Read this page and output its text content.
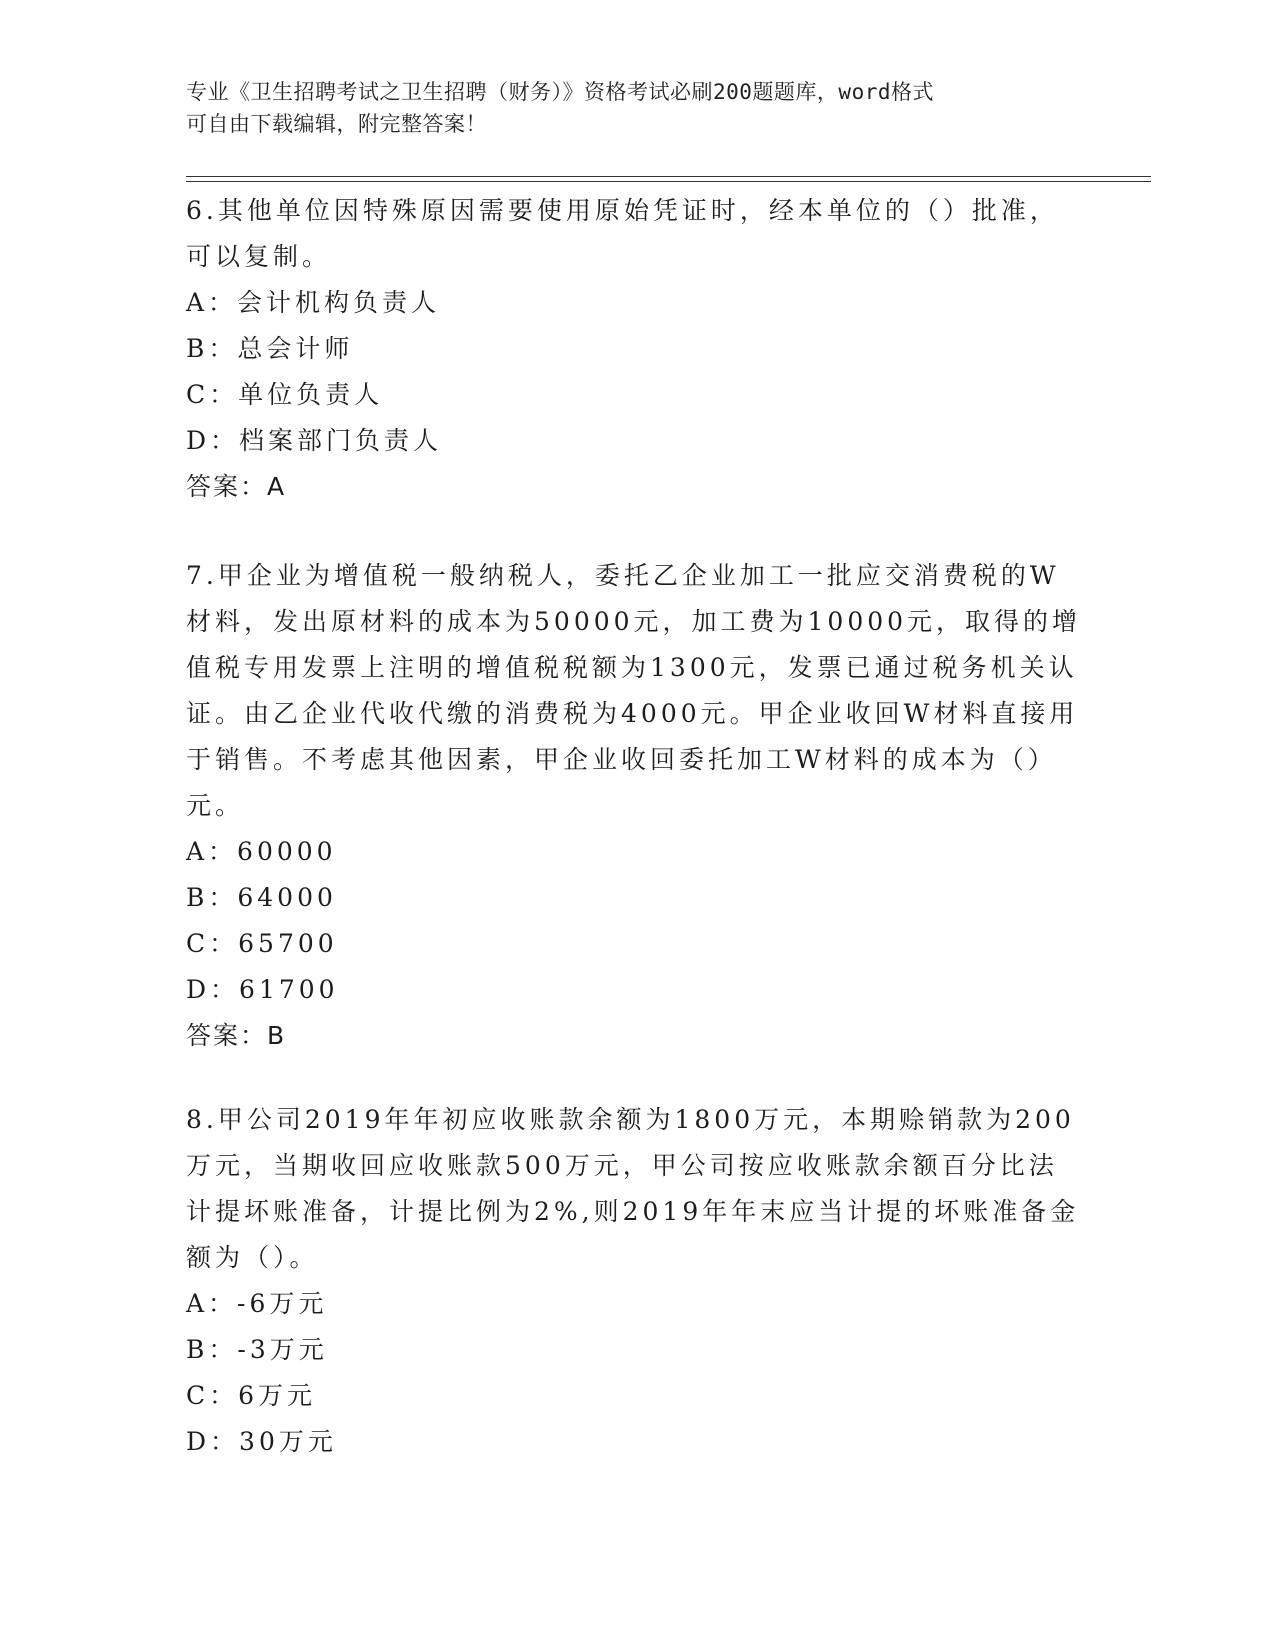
专业《卫生招聘考试之卫生招聘（财务）》资格考试必刷200题题库，word格式
可自由下载编辑，附完整答案！
6.其他单位因特殊原因需要使用原始凭证时，经本单位的（）批准，
可以复制。
A：会计机构负责人
B：总会计师
C：单位负责人
D：档案部门负责人
答案：A
7.甲企业为增值税一般纳税人，委托乙企业加工一批应交消费税的W
材料，发出原材料的成本为50000元，加工费为10000元，取得的增
值税专用发票上注明的增值税税额为1300元，发票已通过税务机关认
证。由乙企业代收代缴的消费税为4000元。甲企业收回W材料直接用
于销售。不考虑其他因素，甲企业收回委托加工W材料的成本为（）
元。
A：60000
B：64000
C：65700
D：61700
答案：B
8.甲公司2019年年初应收账款余额为1800万元，本期赊销款为200
万元，当期收回应收账款500万元，甲公司按应收账款余额百分比法
计提坏账准备，计提比例为2%,则2019年年末应当计提的坏账准备金
额为（）。
A：-6万元
B：-3万元
C：6万元
D：30万元
